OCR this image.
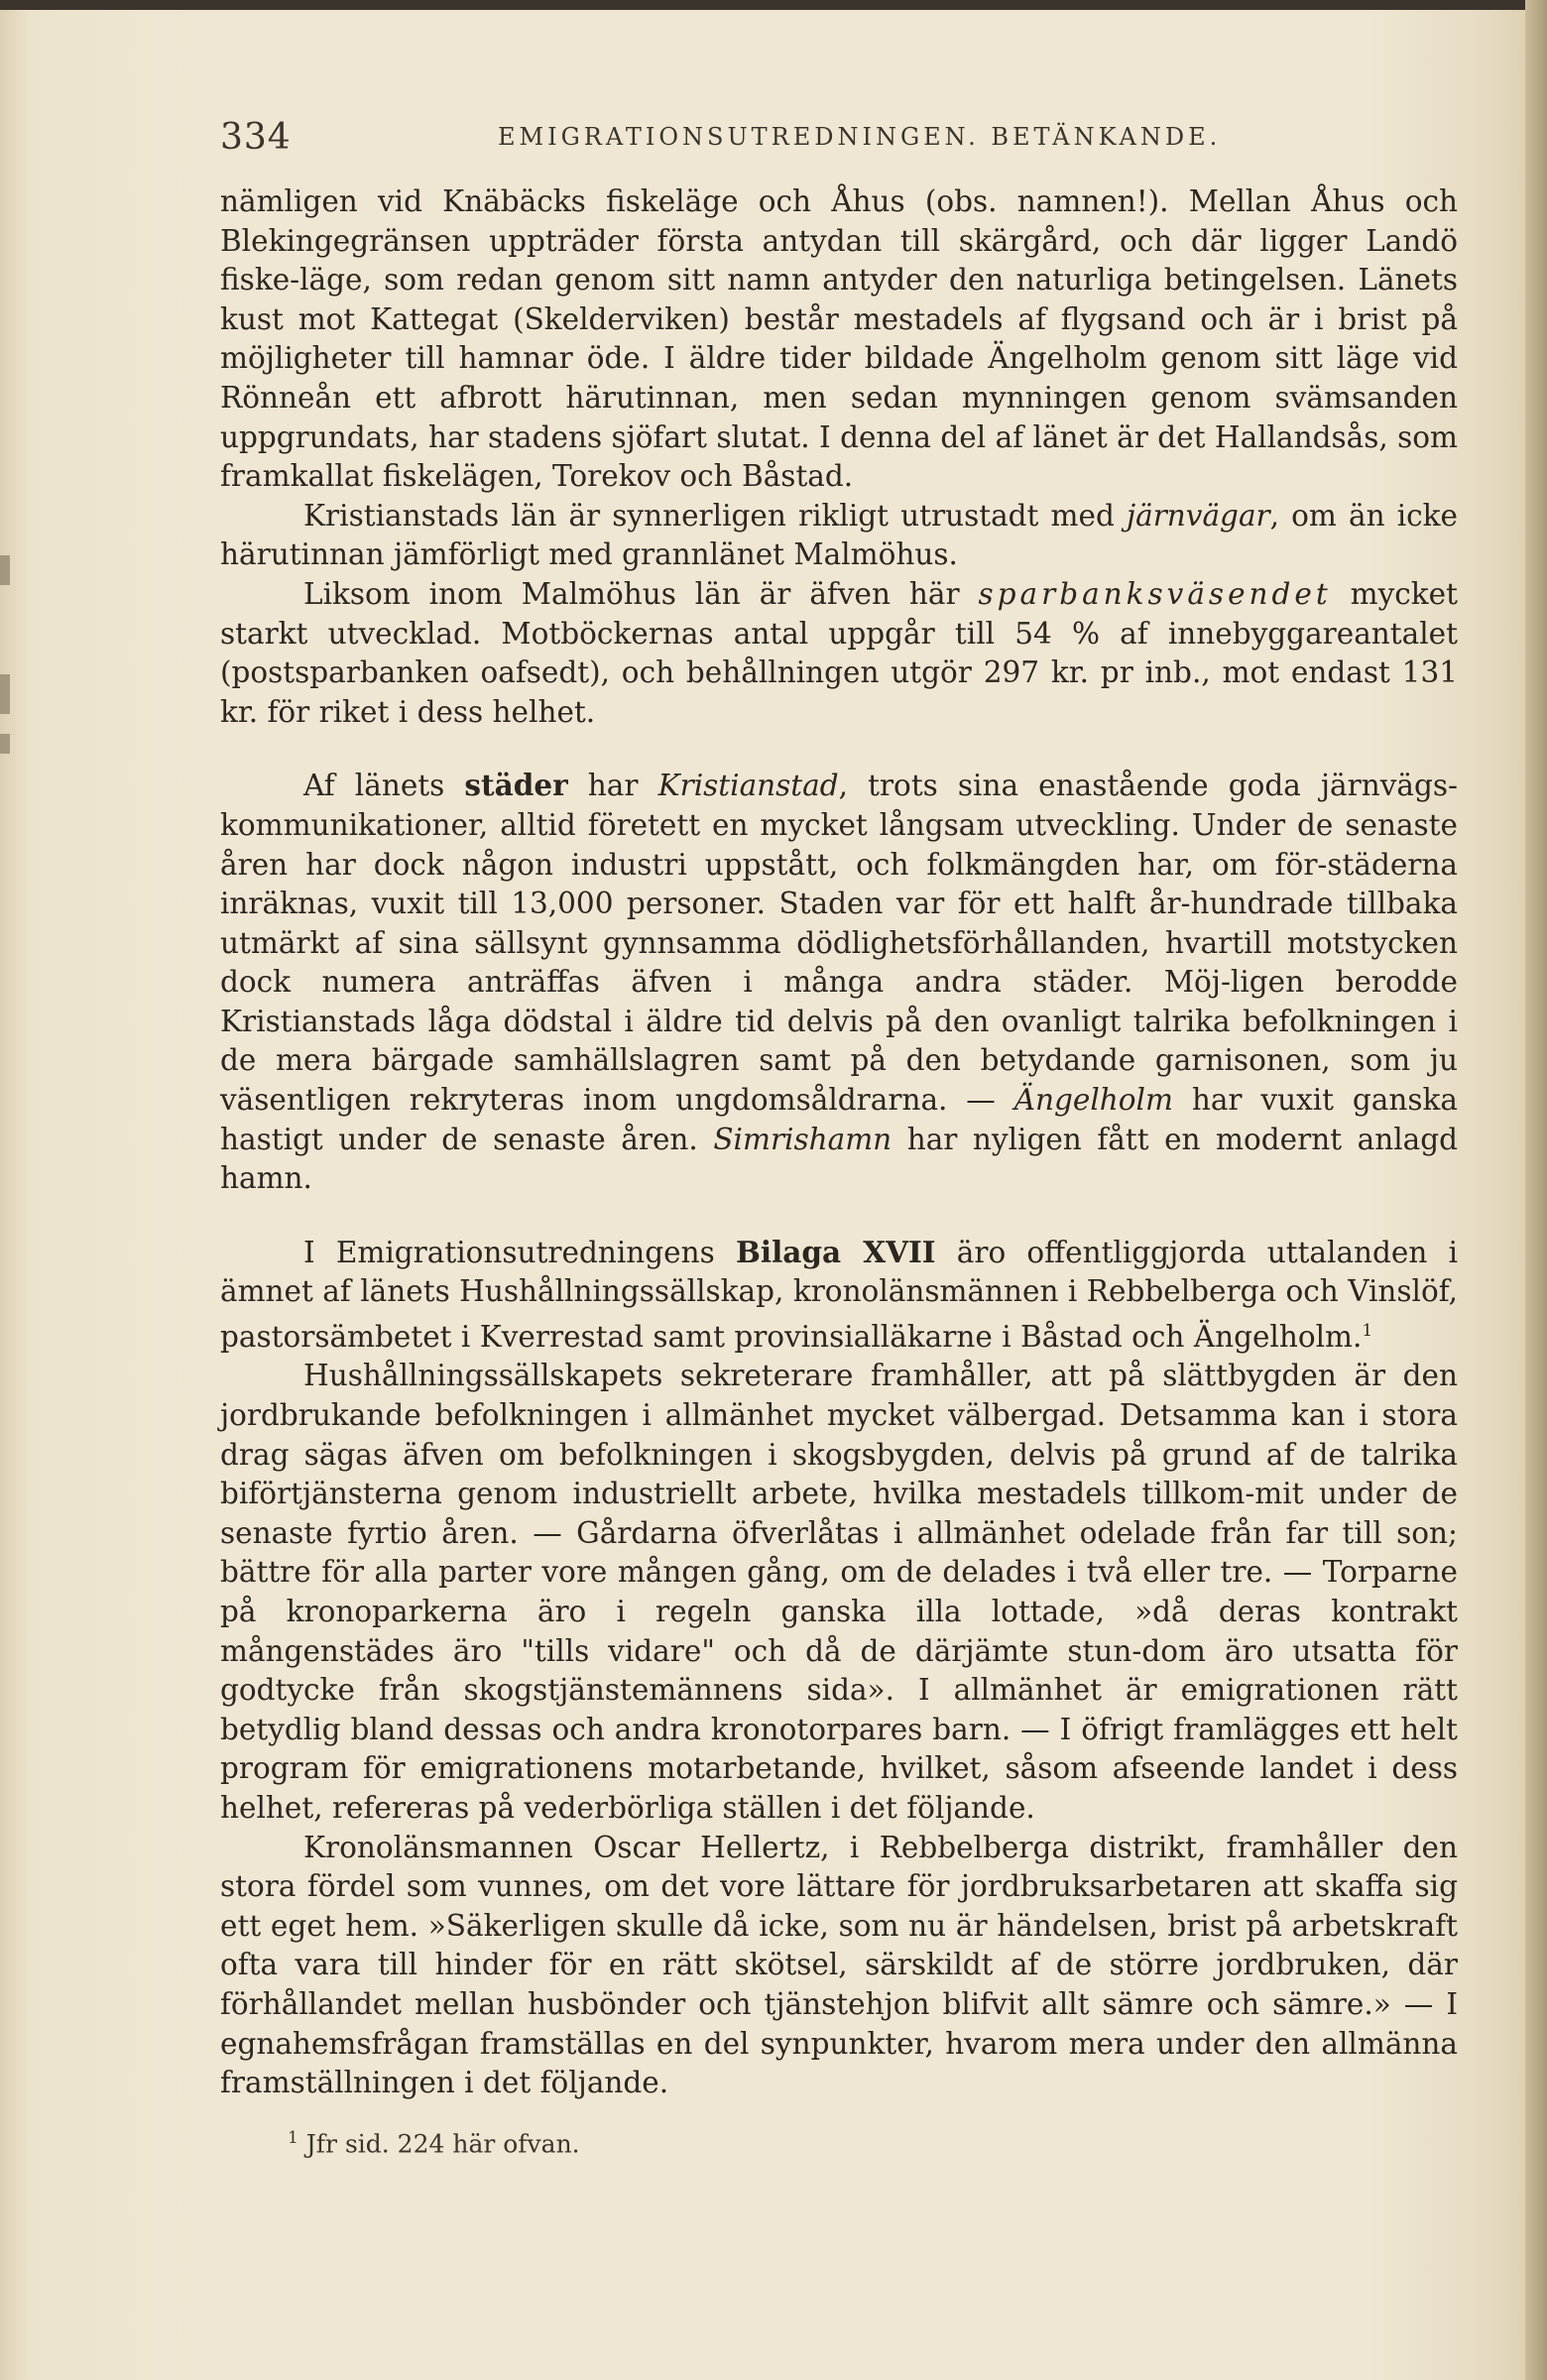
334	EMIGRATIONSUTREDNINGEN. BETÄNKANDE.

nämligen vid Knäbäcks fiskeläge och Åhus (obs. namnen!). Mellan Åhus och Blekingegränsen uppträder första antydan till skärgård, och där ligger Landö fiske-läge, som redan genom sitt namn antyder den naturliga betingelsen. Länets kust mot Kattegat (Skelderviken) består mestadels af flygsand och är i brist på möjligheter till hamnar öde. I äldre tider bildade Ängelholm genom sitt läge vid Rönneån ett afbrott härutinnan, men sedan mynningen genom svämsanden uppgrundats, har stadens sjöfart slutat. I denna del af länet är det Hallandsås, som framkallat fiskelägen, Torekov och Båstad.

Kristianstads län är synnerligen rikligt utrustadt med järnvägar, om än icke härutinnan jämförligt med grannlänet Malmöhus.

Liksom inom Malmöhus län är äfven här sparbanksväsendet mycket starkt utvecklad. Motböckernas antal uppgår till 54 % af innebyggareantalet (postsparbanken oafsedt), och behållningen utgör 297 kr. pr inb., mot endast 131 kr. för riket i dess helhet.

Af länets städer har Kristianstad, trots sina enastående goda järnvägs-kommunikationer, alltid företett en mycket långsam utveckling. Under de senaste åren har dock någon industri uppstått, och folkmängden har, om för-städerna inräknas, vuxit till 13,000 personer. Staden var för ett halft år-hundrade tillbaka utmärkt af sina sällsynt gynnsamma dödlighetsförhållanden, hvartill motstycken dock numera anträffas äfven i många andra städer. Möj-ligen berodde Kristianstads låga dödstal i äldre tid delvis på den ovanligt talrika befolkningen i de mera bärgade samhällslagren samt på den betydande garnisonen, som ju väsentligen rekryteras inom ungdomsåldrarna. — Ängelholm har vuxit ganska hastigt under de senaste åren. Simrishamn har nyligen fått en modernt anlagd hamn.

I Emigrationsutredningens Bilaga XVII äro offentliggjorda uttalanden i ämnet af länets Hushållningssällskap, kronolänsmännen i Rebbelberga och Vinslöf, pastorsämbetet i Kverrestad samt provinsialläkarne i Båstad och Ängelholm.$^1$

Hushållningssällskapets sekreterare framhåller, att på slättbygden är den jordbrukande befolkningen i allmänhet mycket välbergad. Detsamma kan i stora drag sägas äfven om befolkningen i skogsbygden, delvis på grund af de talrika biförtjänsterna genom industriellt arbete, hvilka mestadels tillkom-mit under de senaste fyrtio åren. — Gårdarna öfverlåtas i allmänhet odelade från far till son; bättre för alla parter vore mången gång, om de delades i två eller tre. — Torparne på kronoparkerna äro i regeln ganska illa lottade, »då deras kontrakt mångenstädes äro "tills vidare" och då de därjämte stun-dom äro utsatta för godtycke från skogstjänstemännens sida». I allmänhet är emigrationen rätt betydlig bland dessas och andra kronotorpares barn. — I öfrigt framlägges ett helt program för emigrationens motarbetande, hvilket, såsom afseende landet i dess helhet, refereras på vederbörliga ställen i det följande.

Kronolänsmannen Oscar Hellertz, i Rebbelberga distrikt, framhåller den stora fördel som vunnes, om det vore lättare för jordbruksarbetaren att skaffa sig ett eget hem. »Säkerligen skulle då icke, som nu är händelsen, brist på arbetskraft ofta vara till hinder för en rätt skötsel, särskildt af de större jordbruken, där förhållandet mellan husbönder och tjänstehjon blifvit allt sämre och sämre.» — I egnahemsfrågan framställas en del synpunkter, hvarom mera under den allmänna framställningen i det följande.

$^1$ Jfr sid. 224 här ofvan.
